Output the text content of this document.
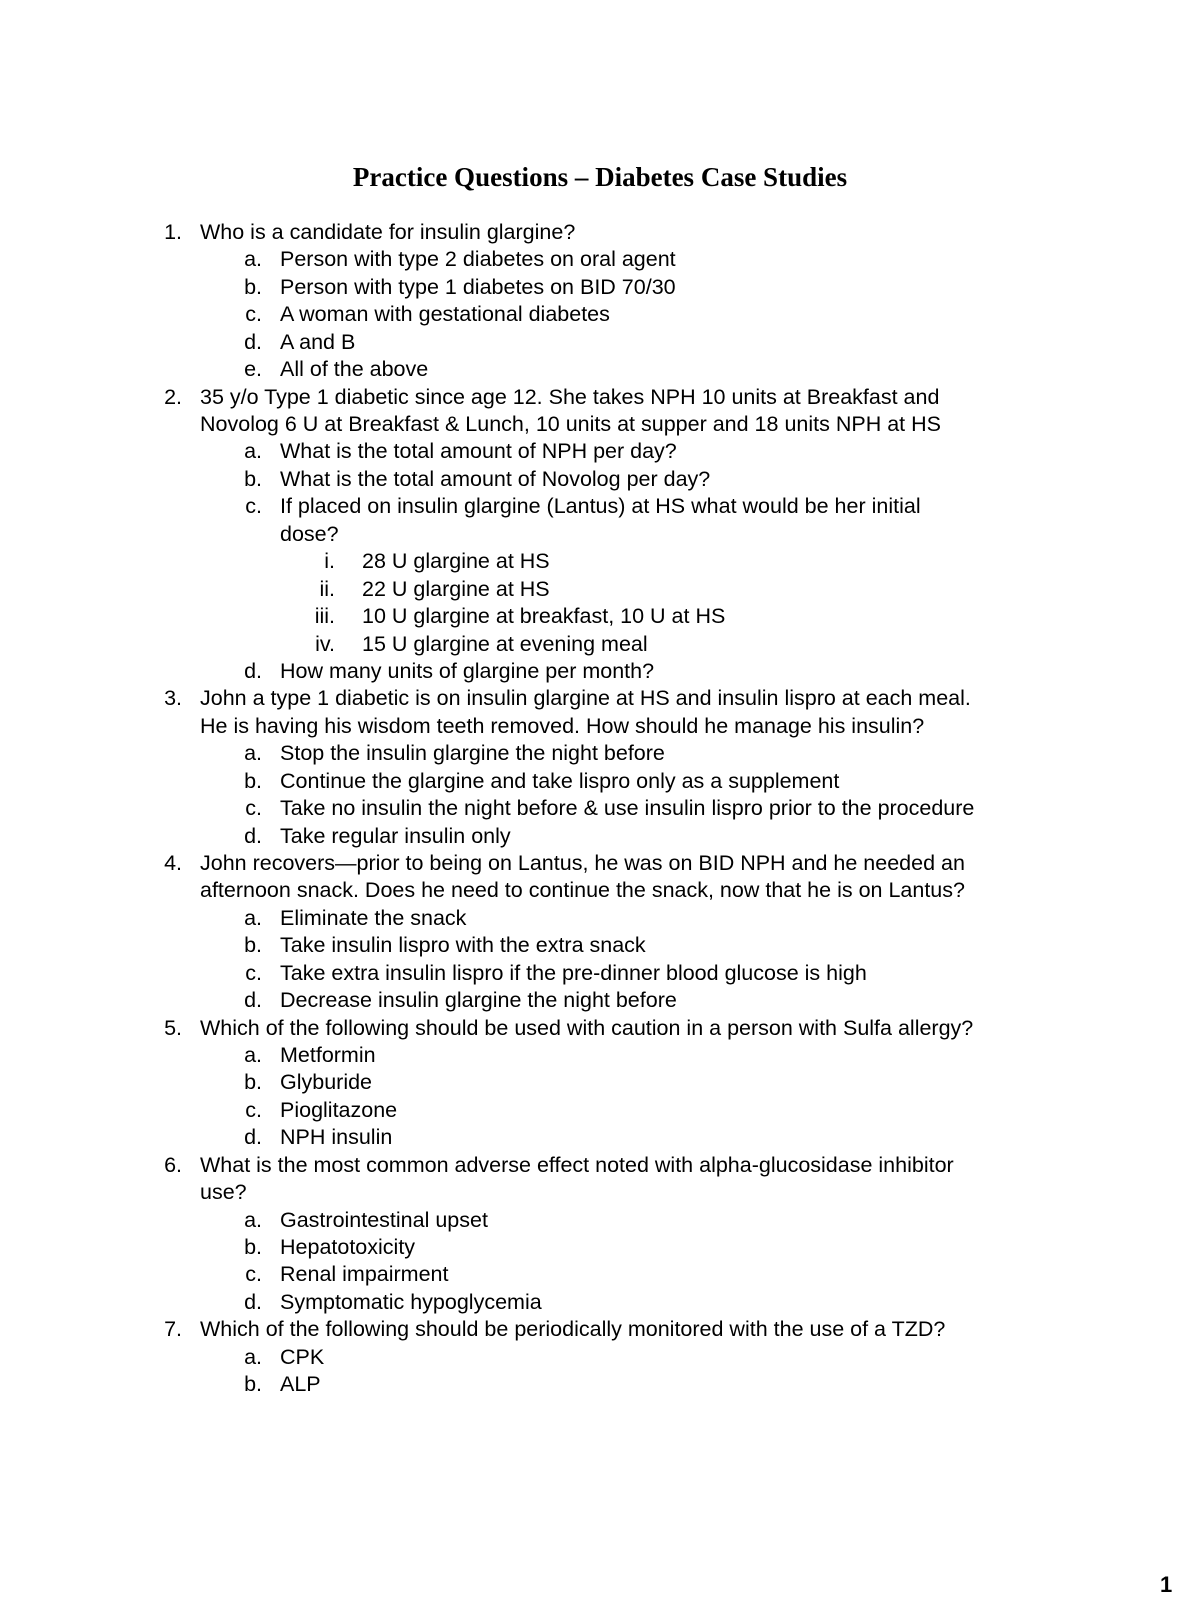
Practice Questions – Diabetes Case Studies
1. Who is a candidate for insulin glargine?
a. Person with type 2 diabetes on oral agent
b. Person with type 1 diabetes on BID 70/30
c. A woman with gestational diabetes
d. A and B
e. All of the above
2. 35 y/o Type 1 diabetic since age 12. She takes NPH 10 units at Breakfast and
Novolog 6 U at Breakfast & Lunch, 10 units at supper and 18 units NPH at HS
a. What is the total amount of NPH per day?
b. What is the total amount of Novolog per day?
c. If placed on insulin glargine (Lantus) at HS what would be her initial
dose?
i. 28 U glargine at HS
ii. 22 U glargine at HS
iii. 10 U glargine at breakfast, 10 U at HS
iv. 15 U glargine at evening meal
d. How many units of glargine per month?
3. John a type 1 diabetic is on insulin glargine at HS and insulin lispro at each meal.
He is having his wisdom teeth removed. How should he manage his insulin?
a. Stop the insulin glargine the night before
b. Continue the glargine and take lispro only as a supplement
c. Take no insulin the night before & use insulin lispro prior to the procedure
d. Take regular insulin only
4. John recovers—prior to being on Lantus, he was on BID NPH and he needed an
afternoon snack. Does he need to continue the snack, now that he is on Lantus?
a. Eliminate the snack
b. Take insulin lispro with the extra snack
c. Take extra insulin lispro if the pre-dinner blood glucose is high
d. Decrease insulin glargine the night before
5. Which of the following should be used with caution in a person with Sulfa allergy?
a. Metformin
b. Glyburide
c. Pioglitazone
d. NPH insulin
6. What is the most common adverse effect noted with alpha-glucosidase inhibitor
use?
a. Gastrointestinal upset
b. Hepatotoxicity
c. Renal impairment
d. Symptomatic hypoglycemia
7. Which of the following should be periodically monitored with the use of a TZD?
a. CPK
b. ALP
1
